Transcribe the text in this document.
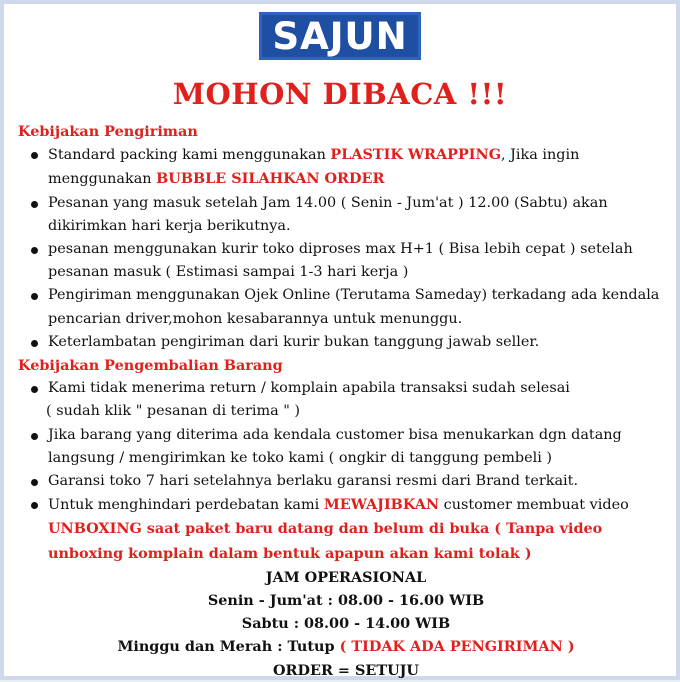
SAJUN
MOHON DIBACA !!!

Kebijakan Pengiriman

Standard packing kami menggunakan PLASTIK WRAPPING, Jika ingin menggunakan BUBBLE SILAHKAN ORDER
Pesanan yang masuk setelah Jam 14.00 ( Senin - Jum'at ) 12.00 (Sabtu) akan dikirimkan hari kerja berikutnya.
pesanan menggunakan kurir toko diproses max H+1 ( Bisa lebih cepat ) setelah pesanan masuk ( Estimasi sampai 1-3 hari kerja )
Pengiriman menggunakan Ojek Online (Terutama Sameday) terkadang ada kendala pencarian driver,mohon kesabarannya untuk menunggu.
Keterlambatan pengiriman dari kurir bukan tanggung jawab seller.

Kebijakan Pengembalian Barang

Kami tidak menerima return / komplain apabila transaksi sudah selesai
( sudah klik " pesanan di terima " )
Jika barang yang diterima ada kendala customer bisa menukarkan dgn datang langsung / mengirimkan ke toko kami ( ongkir di tanggung pembeli )
Garansi toko 7 hari setelahnya berlaku garansi resmi dari Brand terkait.
Untuk menghindari perdebatan kami MEWAJIBKAN customer membuat video UNBOXING saat paket baru datang dan belum di buka ( Tanpa video unboxing komplain dalam bentuk apapun akan kami tolak )
JAM OPERASIONAL
Senin - Jum'at : 08.00 - 16.00 WIB
Sabtu : 08.00 - 14.00 WIB
Minggu dan Merah : Tutup ( TIDAK ADA PENGIRIMAN )
ORDER = SETUJU
